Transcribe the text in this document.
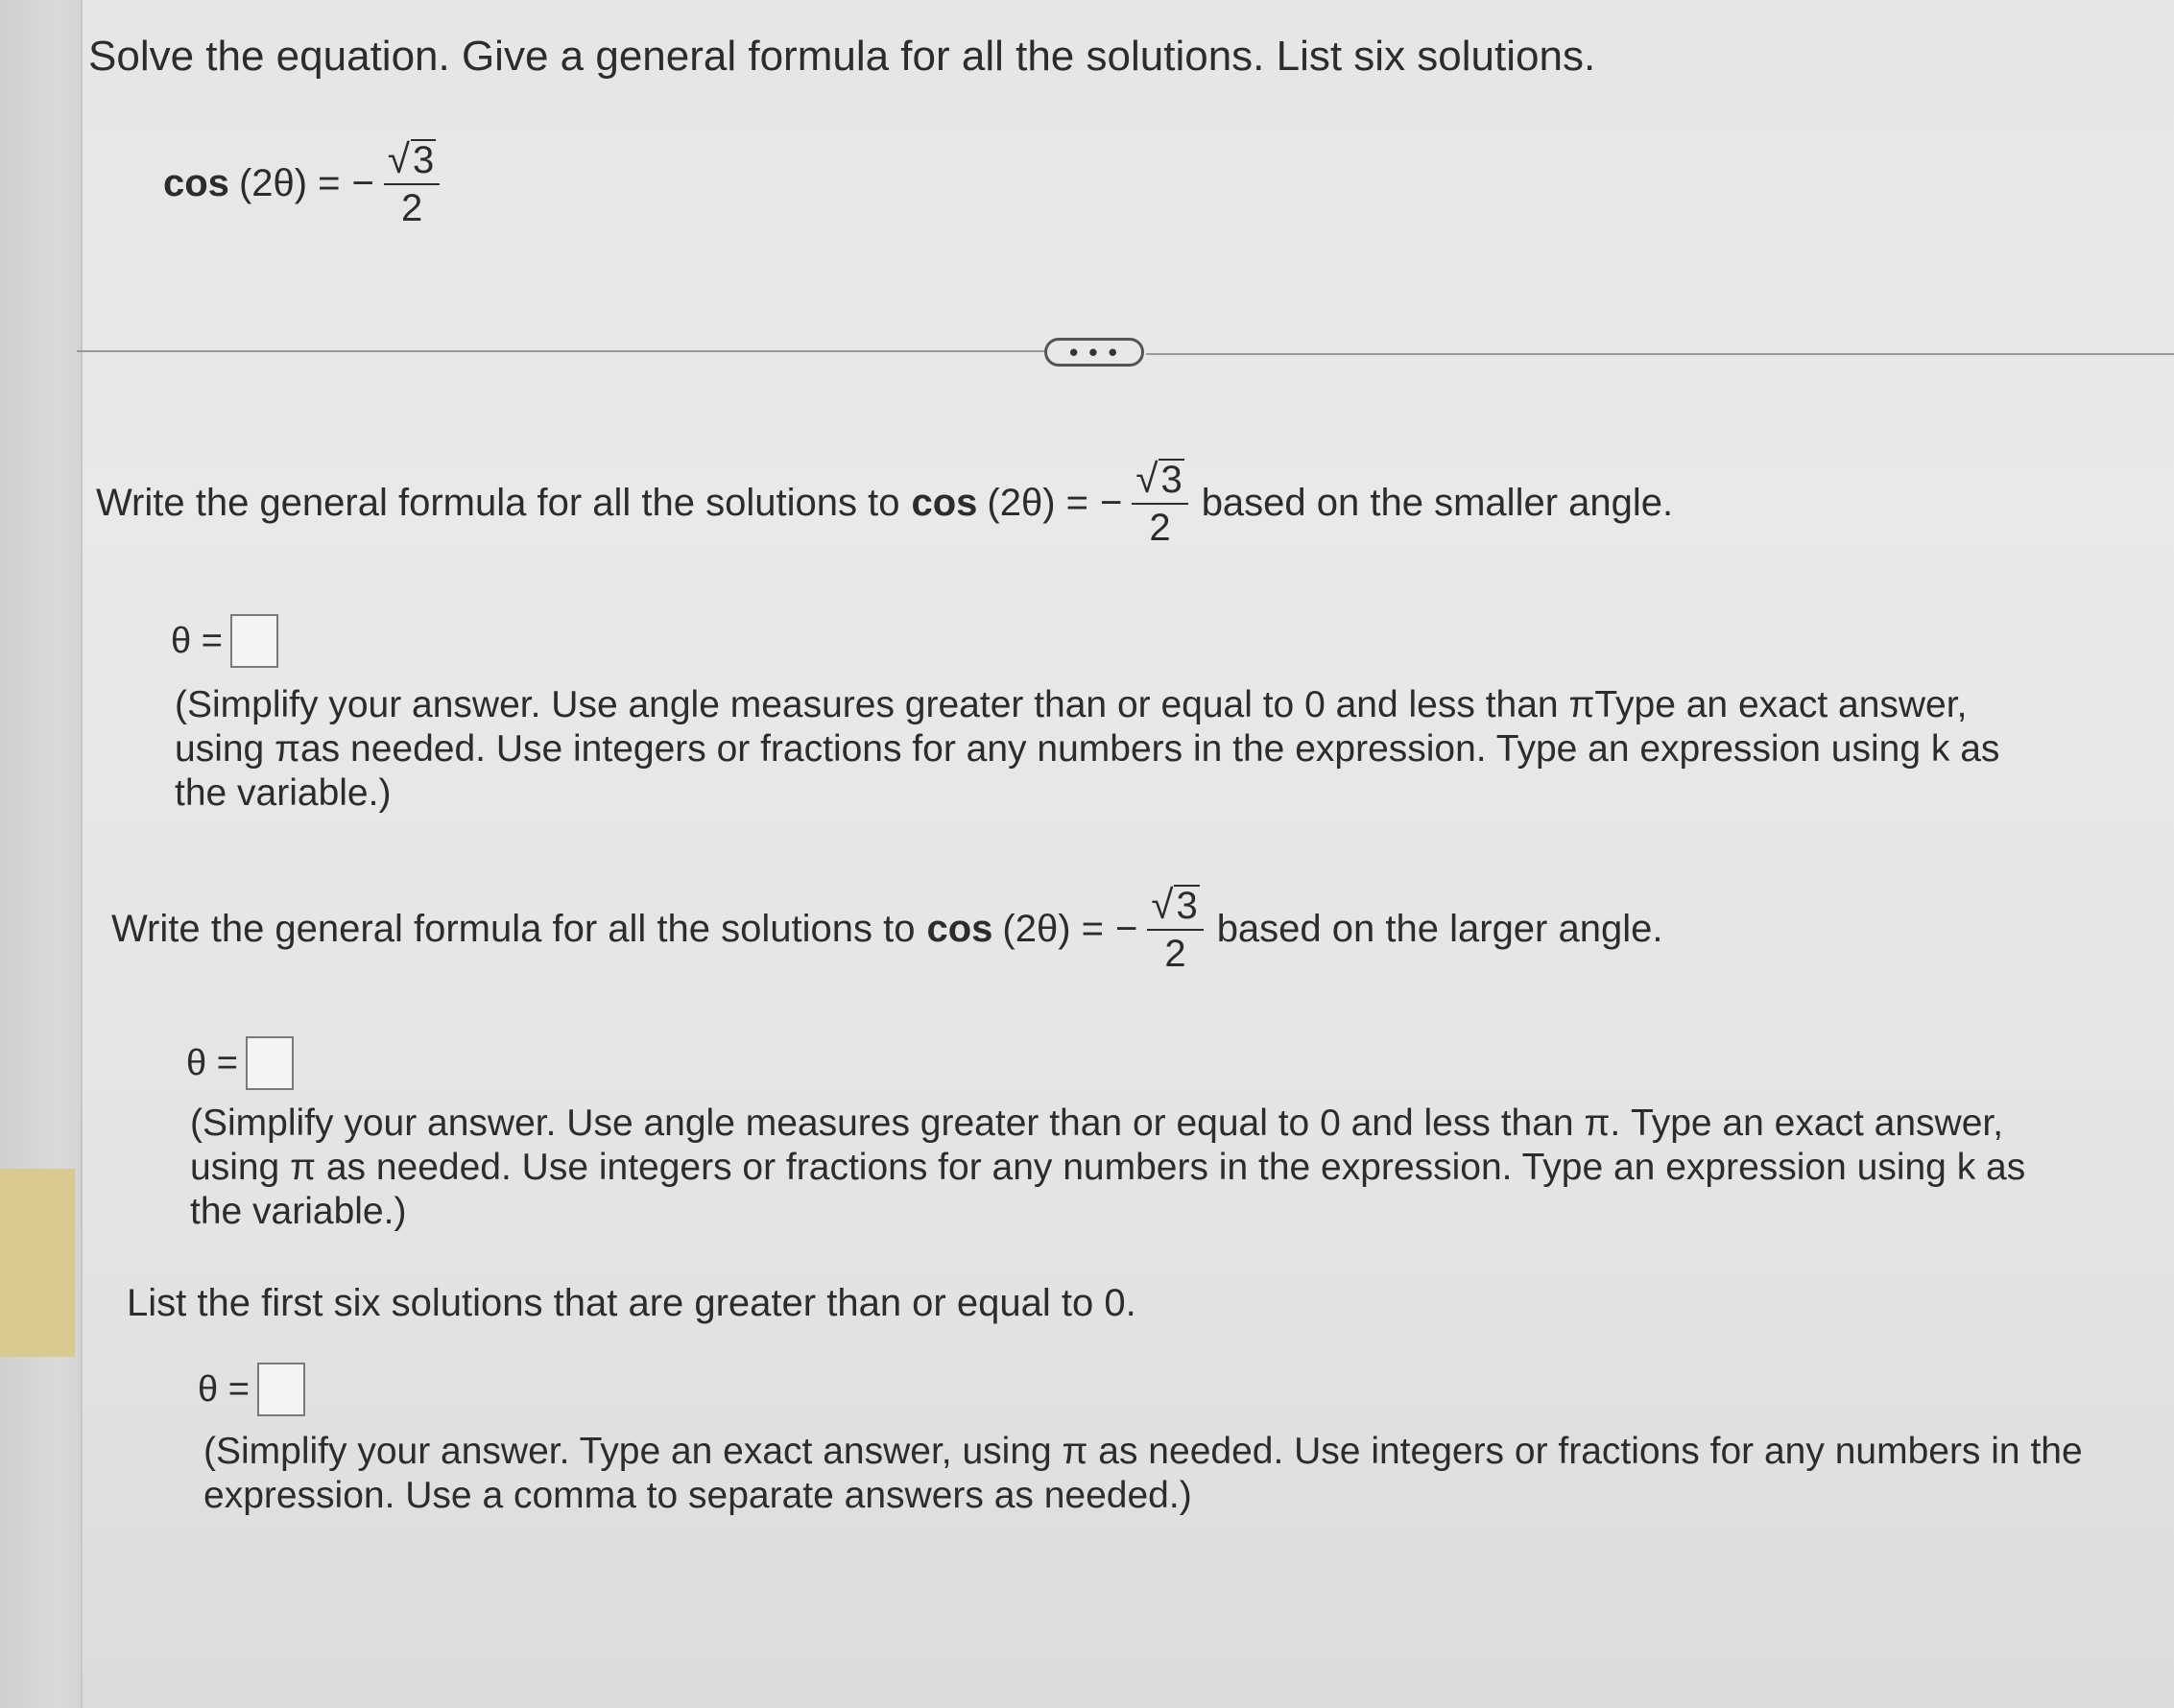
Solve the equation. Give a general formula for all the solutions. List six solutions.
cos (2θ) = − $\frac{√ 3}{2}$
• • •
Write the general formula for all the solutions to cos (2θ) = − $\frac{√ 3}{2}$ based on the smaller angle.
θ =
(Simplify your answer. Use angle measures greater than or equal to 0 and less than πType an exact answer,
using πas needed. Use integers or fractions for any numbers in the expression. Type an expression using k as
the variable.)
Write the general formula for all the solutions to cos (2θ) = − $\frac{√ 3}{2}$ based on the larger angle.
θ =
(Simplify your answer. Use angle measures greater than or equal to 0 and less than π. Type an exact answer,
using π as needed. Use integers or fractions for any numbers in the expression. Type an expression using k as
the variable.)
List the first six solutions that are greater than or equal to 0.
θ =
(Simplify your answer. Type an exact answer, using π as needed. Use integers or fractions for any numbers in the
expression. Use a comma to separate answers as needed.)
